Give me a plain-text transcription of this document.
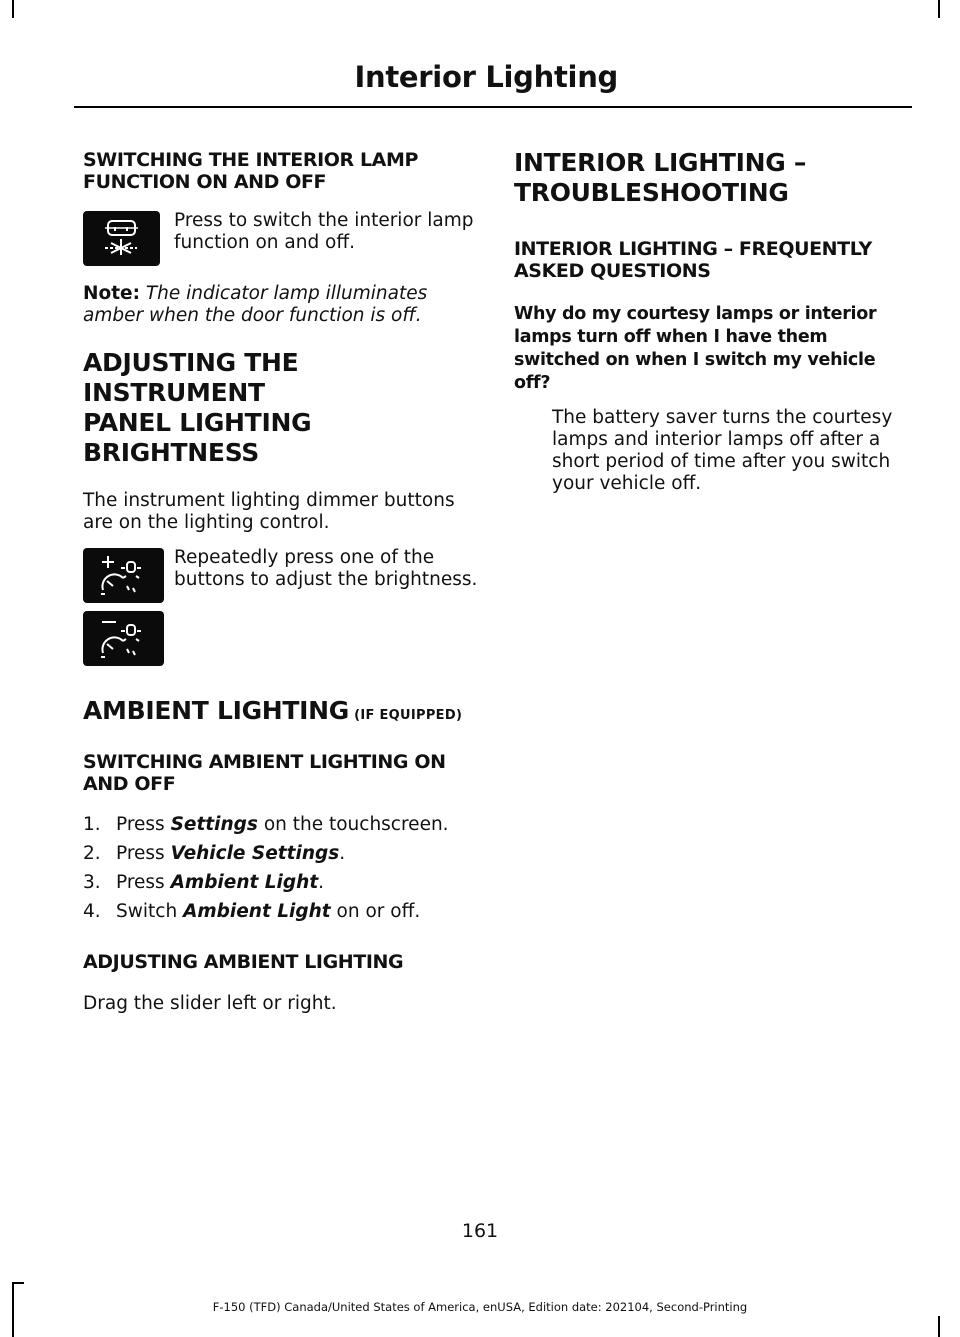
Interior Lighting
SWITCHING THE INTERIOR LAMP FUNCTION ON AND OFF
Press to switch the interior lamp function on and off.
Note: The indicator lamp illuminates amber when the door function is off.
ADJUSTING THE INSTRUMENT
PANEL LIGHTING
BRIGHTNESS
The instrument lighting dimmer buttons are on the lighting control.
Repeatedly press one of the buttons to adjust the brightness.
AMBIENT LIGHTING (IF EQUIPPED)
SWITCHING AMBIENT LIGHTING ON AND OFF
1. Press Settings on the touchscreen.
2. Press Vehicle Settings.
3. Press Ambient Light.
4. Switch Ambient Light on or off.
ADJUSTING AMBIENT LIGHTING
Drag the slider left or right.
INTERIOR LIGHTING –
TROUBLESHOOTING
INTERIOR LIGHTING – FREQUENTLY ASKED QUESTIONS
Why do my courtesy lamps or interior lamps turn off when I have them switched on when I switch my vehicle off?
The battery saver turns the courtesy lamps and interior lamps off after a short period of time after you switch your vehicle off.
161
F-150 (TFD) Canada/United States of America, enUSA, Edition date: 202104, Second-Printing
